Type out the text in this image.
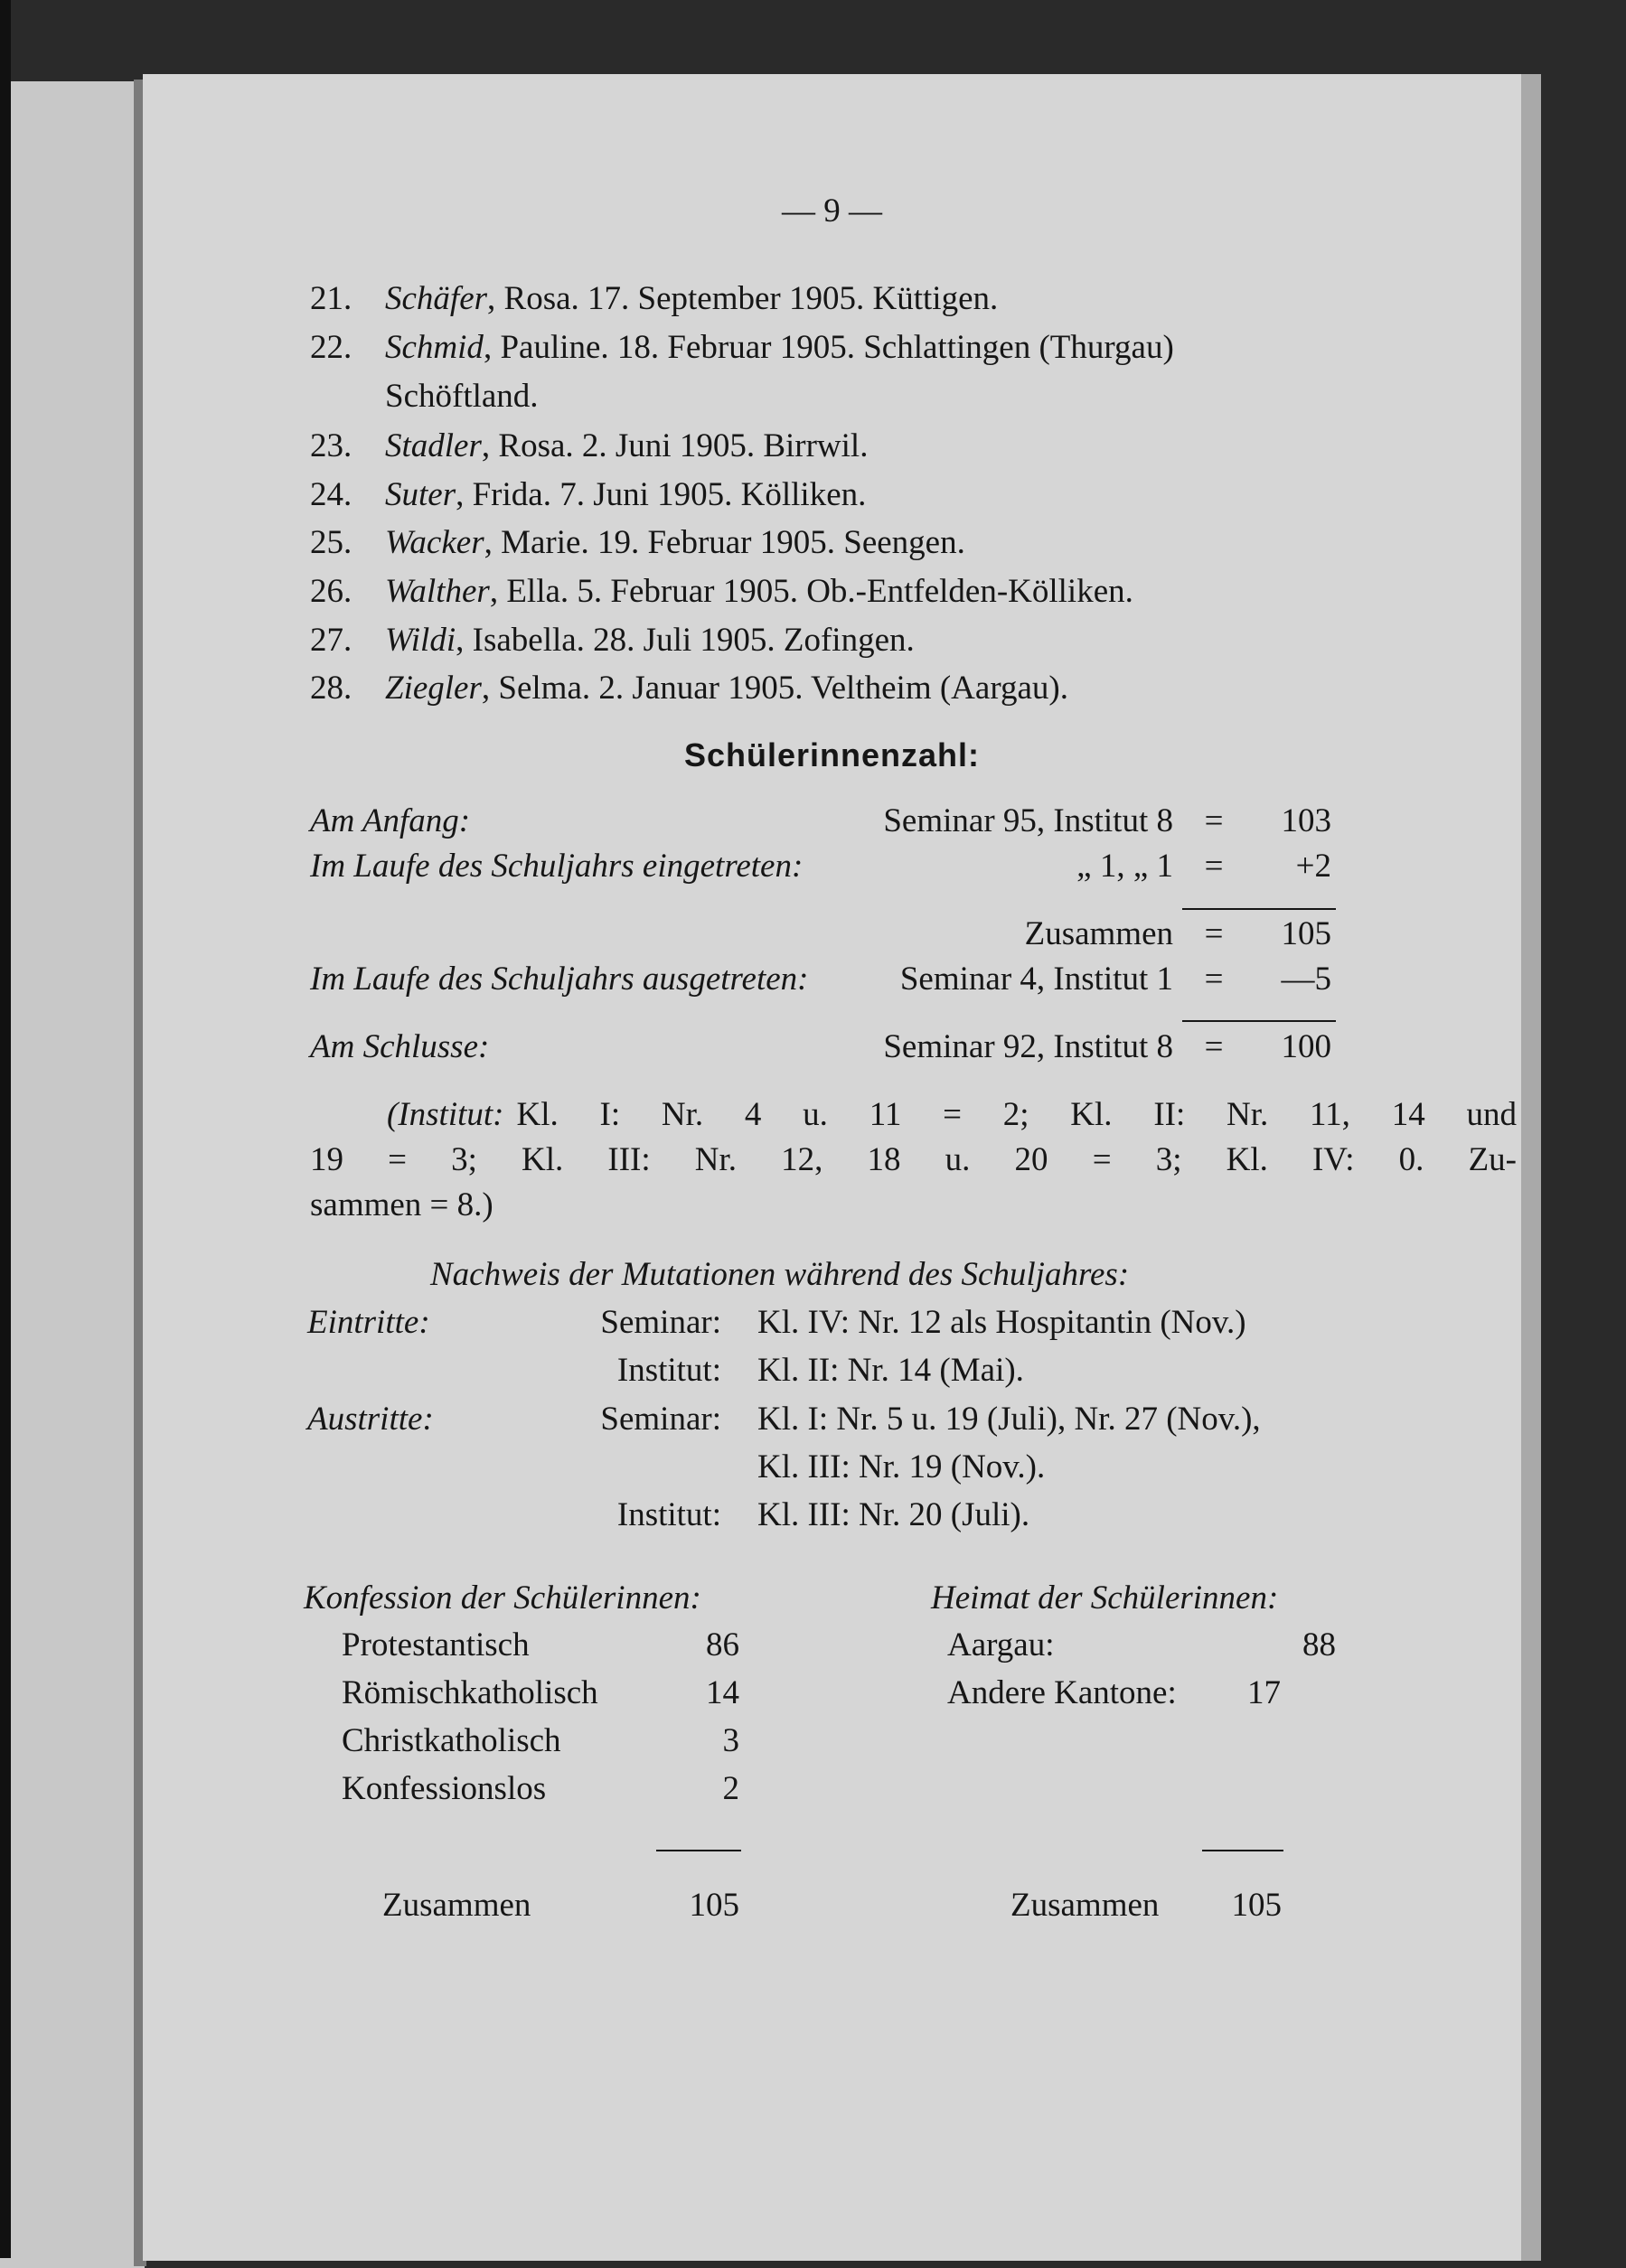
— 9 —
21. Schäfer, Rosa. 17. September 1905. Küttigen.
22. Schmid, Pauline. 18. Februar 1905. Schlattingen (Thurgau)
Schöftland.
23. Stadler, Rosa. 2. Juni 1905. Birrwil.
24. Suter, Frida. 7. Juni 1905. Kölliken.
25. Wacker, Marie. 19. Februar 1905. Seengen.
26. Walther, Ella. 5. Februar 1905. Ob.-Entfelden-Kölliken.
27. Wildi, Isabella. 28. Juli 1905. Zofingen.
28. Ziegler, Selma. 2. Januar 1905. Veltheim (Aargau).
Schülerinnenzahl:
Am Anfang:	Seminar 95, Institut 8 =	103
Im Laufe des Schuljahrs eingetreten:	„ 1, „ 1 =	+2
Zusammen =	105
Im Laufe des Schuljahrs ausgetreten:	Seminar 4, Institut 1 =	—5
Am Schlusse:	Seminar 92, Institut 8 =	100
(Institut: Kl. I: Nr. 4 u. 11 = 2; Kl. II: Nr. 11, 14 und
19 = 3; Kl. III: Nr. 12, 18 u. 20 = 3; Kl. IV: 0. Zu-
sammen = 8.)
Nachweis der Mutationen während des Schuljahres:
Eintritte:	Seminar: Kl. IV: Nr. 12 als Hospitantin (Nov.)
Institut: Kl. II: Nr. 14 (Mai).
Austritte:	Seminar: Kl. I: Nr. 5 u. 19 (Juli), Nr. 27 (Nov.),
Kl. III: Nr. 19 (Nov.).
Institut: Kl. III: Nr. 20 (Juli).
Konfession der Schülerinnen:
Protestantisch	86
Römischkatholisch	14
Christkatholisch	3
Konfessionslos	2
Zusammen	105
Heimat der Schülerinnen:
Aargau:	88
Andere Kantone: 17
Zusammen	105
